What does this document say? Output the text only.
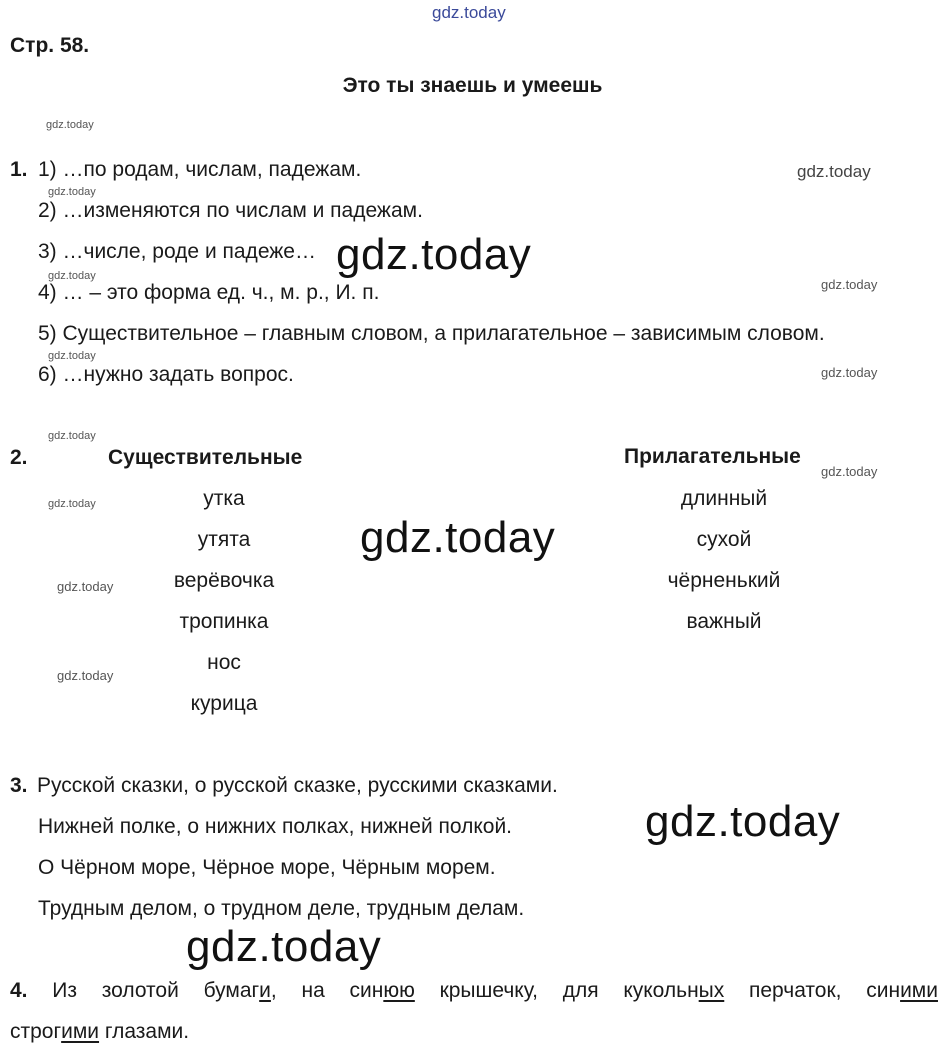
gdz.today
Стр. 58.
Это ты знаешь и умеешь
gdz.today
gdz.today
gdz.today
gdz.today
gdz.today
gdz.today
gdz.today
gdz.today
gdz.today
gdz.today
gdz.today
gdz.today
gdz.today
gdz.today
gdz.today
gdz.today
1. 1) …по родам, числам, падежам.
2) …изменяются по числам и падежам.
3) …числе, роде и падеже…
4) … – это форма ед. ч., м. р., И. п.
5) Существительное – главным словом, а прилагательное – зависимым словом.
6) …нужно задать вопрос.
2.	Существительные	Прилагательные
утка
утята
верёвочка
тропинка
нос
курица
длинный
сухой
чёрненький
важный
3. Русской сказки, о русской сказке, русскими сказками.
Нижней полке, о нижних полках, нижней полкой.
О Чёрном море, Чёрное море, Чёрным морем.
Трудным делом, о трудном деле, трудным делам.
4. Из золотой бумаги, на синюю крышечку, для кукольных перчаток, синими
строгими глазами.
